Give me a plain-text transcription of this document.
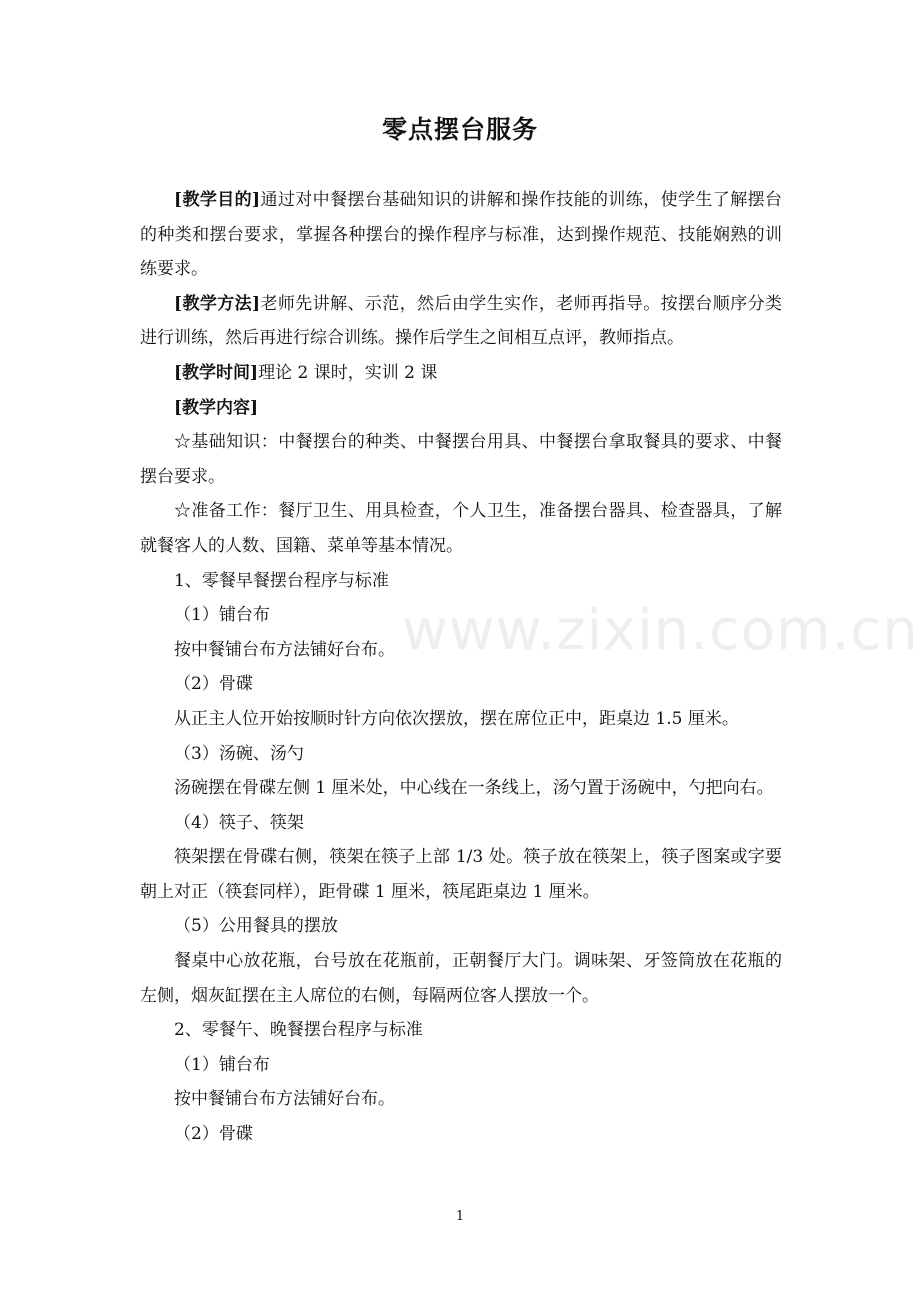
零点摆台服务
www.zixin.com.cn

[教学目的]通过对中餐摆台基础知识的讲解和操作技能的训练，使学生了解摆台的种类和摆台要求，掌握各种摆台的操作程序与标准，达到操作规范、技能娴熟的训练要求。

[教学方法]老师先讲解、示范，然后由学生实作，老师再指导。按摆台顺序分类进行训练，然后再进行综合训练。操作后学生之间相互点评，教师指点。

[教学时间]理论 2 课时，实训 2 课

[教学内容]

☆基础知识：中餐摆台的种类、中餐摆台用具、中餐摆台拿取餐具的要求、中餐摆台要求。

☆准备工作：餐厅卫生、用具检查，个人卫生，准备摆台器具、检查器具，了解就餐客人的人数、国籍、菜单等基本情况。

1、零餐早餐摆台程序与标准

（1）铺台布

按中餐铺台布方法铺好台布。

（2）骨碟

从正主人位开始按顺时针方向依次摆放，摆在席位正中，距桌边 1.5 厘米。

（3）汤碗、汤勺

汤碗摆在骨碟左侧 1 厘米处，中心线在一条线上，汤勺置于汤碗中，勺把向右。

（4）筷子、筷架

筷架摆在骨碟右侧，筷架在筷子上部 1/3 处。筷子放在筷架上，筷子图案或字要朝上对正（筷套同样），距骨碟 1 厘米，筷尾距桌边 1 厘米。

（5）公用餐具的摆放

餐桌中心放花瓶，台号放在花瓶前，正朝餐厅大门。调味架、牙签筒放在花瓶的左侧，烟灰缸摆在主人席位的右侧，每隔两位客人摆放一个。

2、零餐午、晚餐摆台程序与标准

（1）铺台布

按中餐铺台布方法铺好台布。

（2）骨碟

1
